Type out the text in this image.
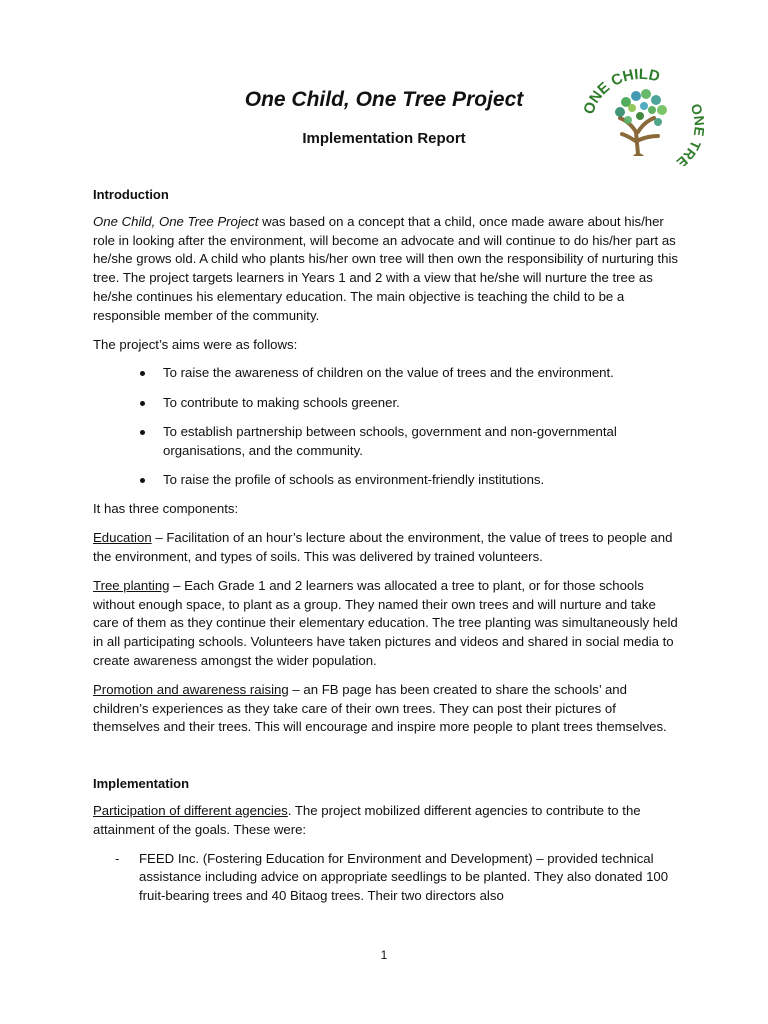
One Child, One Tree Project
Implementation Report
ONE CHILD
TRE
Introduction

One Child, One Tree Project was based on a concept that a child, once made aware about his/her role in looking after the environment, will become an advocate and will continue to do his/her part as he/she grows old. A child who plants his/her own tree will then own the responsibility of nurturing this tree. The project targets learners in Years 1 and 2 with a view that he/she will nurture the tree as he/she continues his elementary education. The main objective is teaching the child to be a responsible member of the community.

The project’s aims were as follows:

To raise the awareness of children on the value of trees and the environment.
To contribute to making schools greener.
To establish partnership between schools, government and non-governmental organisations, and the community.
To raise the profile of schools as environment-friendly institutions.

It has three components:

Education – Facilitation of an hour’s lecture about the environment, the value of trees to people and the environment, and types of soils. This was delivered by trained volunteers.

Tree planting – Each Grade 1 and 2 learners was allocated a tree to plant, or for those schools without enough space, to plant as a group. They named their own trees and will nurture and take care of them as they continue their elementary education. The tree planting was simultaneously held in all participating schools. Volunteers have taken pictures and videos and shared in social media to create awareness amongst the wider population.

Promotion and awareness raising – an FB page has been created to share the schools’ and children’s experiences as they take care of their own trees. They can post their pictures of themselves and their trees. This will encourage and inspire more people to plant trees themselves.

Implementation

Participation of different agencies. The project mobilized different agencies to contribute to the attainment of the goals. These were:

- FEED Inc. (Fostering Education for Environment and Development) – provided technical assistance including advice on appropriate seedlings to be planted. They also donated 100 fruit-bearing trees and 40 Bitaog trees. Their two directors also
1
